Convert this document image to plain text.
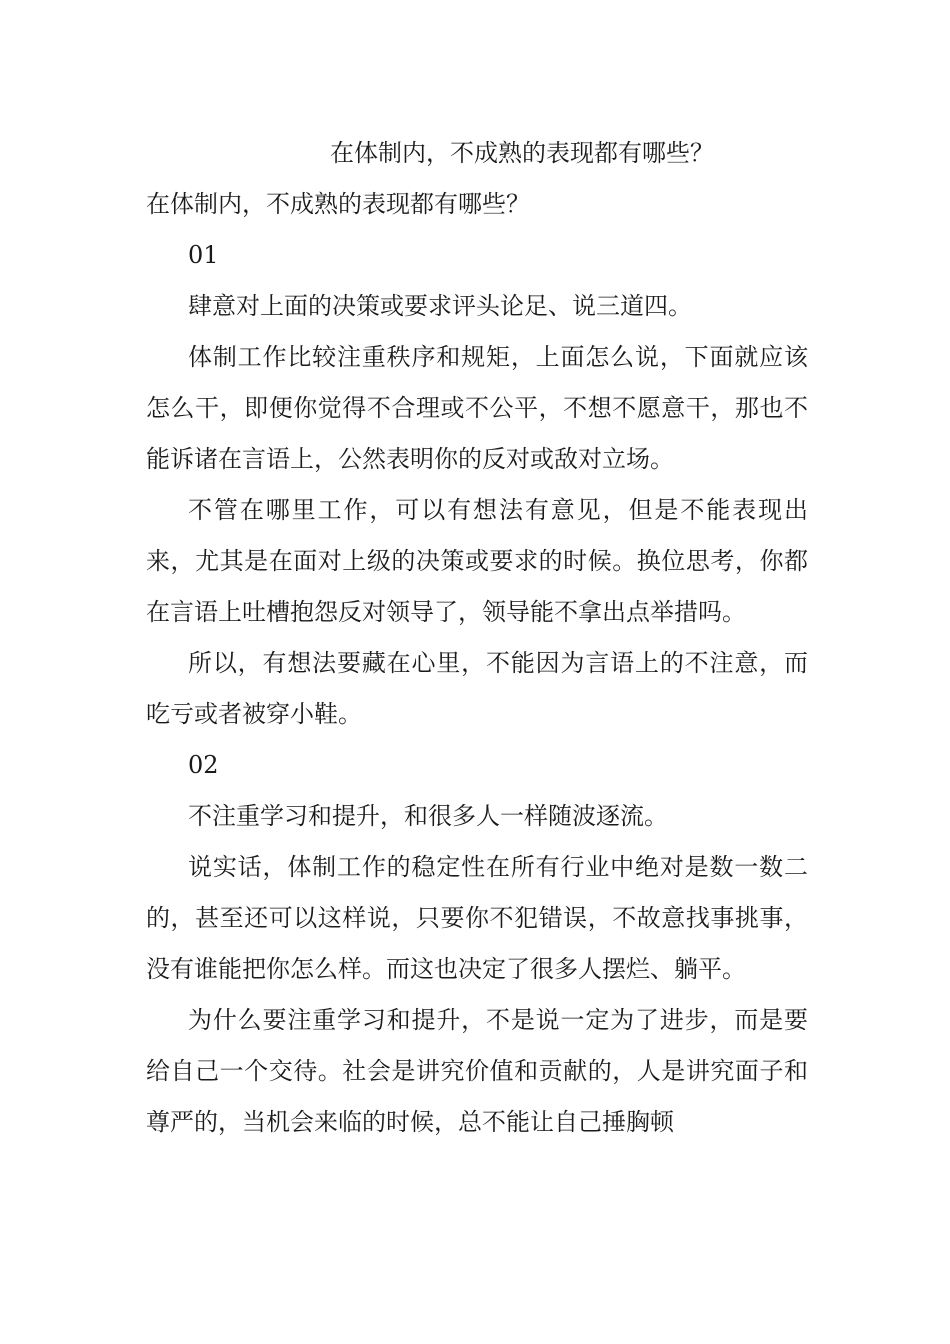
在体制内，不成熟的表现都有哪些？

在体制内，不成熟的表现都有哪些？

01

肆意对上面的决策或要求评头论足、说三道四。

体制工作比较注重秩序和规矩，上面怎么说，下面就应该怎么干，即便你觉得不合理或不公平，不想不愿意干，那也不能诉诸在言语上，公然表明你的反对或敌对立场。

不管在哪里工作，可以有想法有意见，但是不能表现出来，尤其是在面对上级的决策或要求的时候。换位思考，你都在言语上吐槽抱怨反对领导了，领导能不拿出点举措吗。

所以，有想法要藏在心里，不能因为言语上的不注意，而吃亏或者被穿小鞋。

02

不注重学习和提升，和很多人一样随波逐流。

说实话，体制工作的稳定性在所有行业中绝对是数一数二的，甚至还可以这样说，只要你不犯错误，不故意找事挑事，没有谁能把你怎么样。而这也决定了很多人摆烂、躺平。

为什么要注重学习和提升，不是说一定为了进步，而是要给自己一个交待。社会是讲究价值和贡献的，人是讲究面子和尊严的，当机会来临的时候，总不能让自己捶胸顿
